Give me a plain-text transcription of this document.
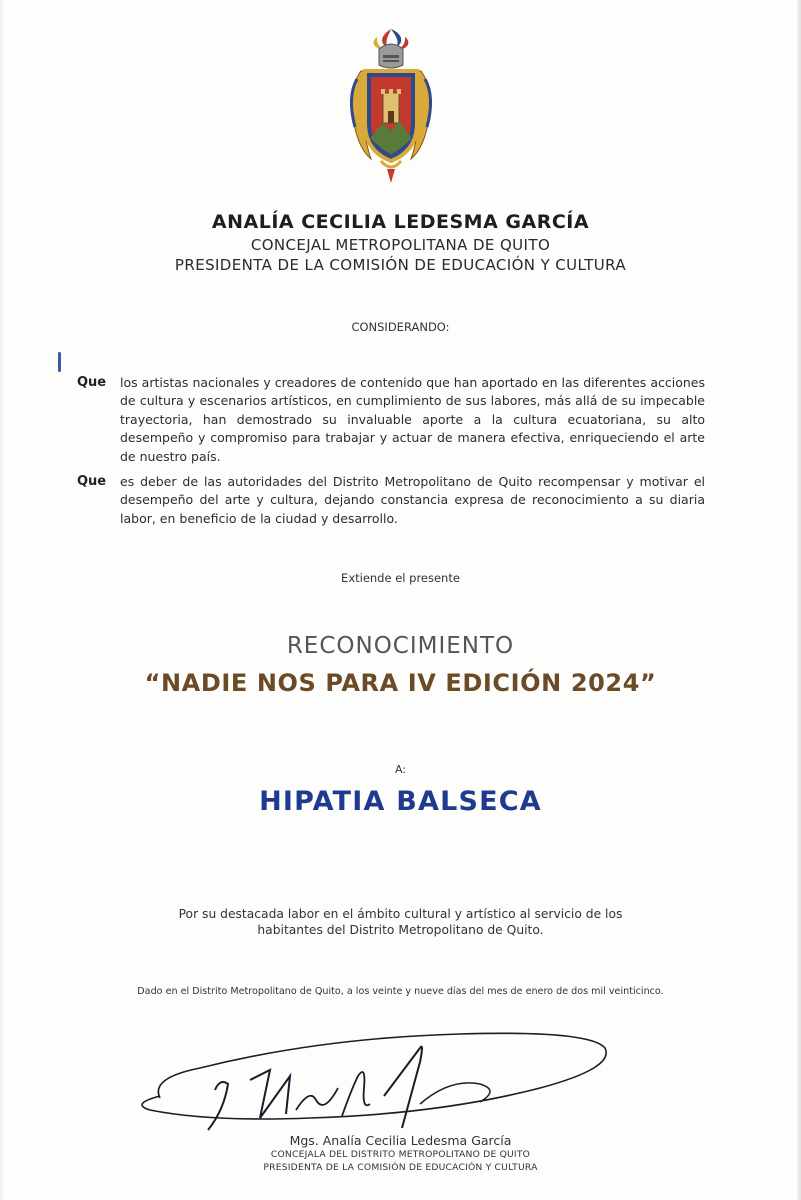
ANALÍA CECILIA LEDESMA GARCÍA
CONCEJAL METROPOLITANA DE QUITO
PRESIDENTA DE LA COMISIÓN DE EDUCACIÓN Y CULTURA
CONSIDERANDO:
Que los artistas nacionales y creadores de contenido que han aportado en las diferentes acciones de cultura y escenarios artísticos, en cumplimiento de sus labores, más allá de su impecable trayectoria, han demostrado su invaluable aporte a la cultura ecuatoriana, su alto desempeño y compromiso para trabajar y actuar de manera efectiva, enriqueciendo el arte de nuestro país.
Que es deber de las autoridades del Distrito Metropolitano de Quito recompensar y motivar el desempeño del arte y cultura, dejando constancia expresa de reconocimiento a su diaria labor, en beneficio de la ciudad y desarrollo.
Extiende el presente
RECONOCIMIENTO
“NADIE NOS PARA IV EDICIÓN 2024”
A:
HIPATIA BALSECA
Por su destacada labor en el ámbito cultural y artístico al servicio de los
habitantes del Distrito Metropolitano de Quito.
Dado en el Distrito Metropolitano de Quito, a los veinte y nueve días del mes de enero de dos mil veinticinco.
Mgs. Analía Cecilia Ledesma García
CONCEJALA DEL DISTRITO METROPOLITANO DE QUITO
PRESIDENTA DE LA COMISIÓN DE EDUCACIÓN Y CULTURA
